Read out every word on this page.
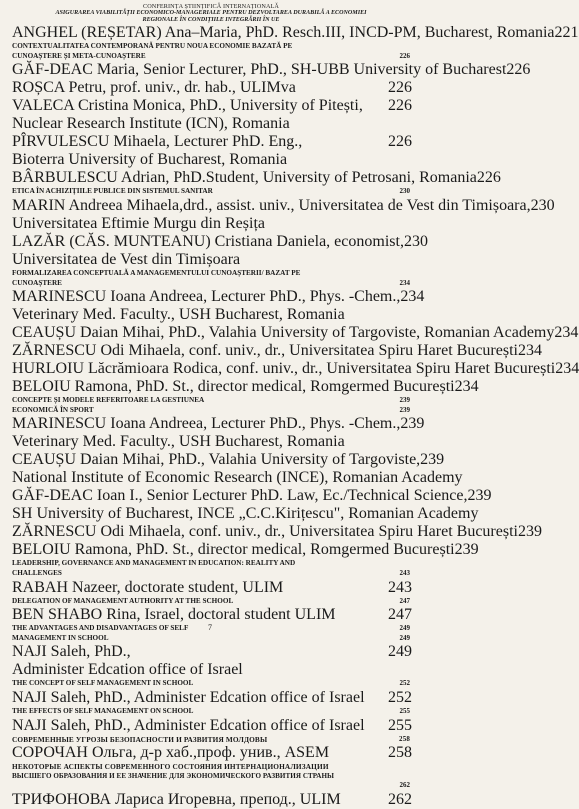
CONFERINȚA ȘTIINȚIFICĂ INTERNAȚIONALĂ
ASIGURAREA VIABILITĂȚII ECONOMICO-MANAGERIALE PENTRU DEZVOLTAREA DURABILĂ A ECONOMIEI
REGIONALE ÎN CONDIȚIILE INTEGRĂRII ÎN UE
ANGHEL (REȘETAR) Ana–Maria, PhD. Resch.III, INCD-PM, Bucharest, Romania 221
CONTEXTUALITATEA CONTEMPORANĂ PENTRU NOUA ECONOMIE BAZATĂ PE
CUNOAȘTERE ȘI META-CUNOAȘTERE	226
GĂF-DEAC Maria, Senior Lecturer, PhD., SH-UBB University of Bucharest 226
ROȘCA Petru, prof. univ., dr. hab., ULIMva	226
VALECA Cristina Monica, PhD., University of Pitești,	226
Nuclear Research Institute (ICN), Romania
PÎRVULESCU Mihaela, Lecturer PhD. Eng.,	226
Bioterra University of Bucharest, Romania
BÂRBULESCU Adrian, PhD.Student, University of Petrosani, Romania 226
ETICA ÎN ACHIZIȚIILE PUBLICE DIN SISTEMUL SANITAR	230
MARIN Andreea Mihaela,drd., assist. univ., Universitatea de Vest din Timișoara, 230
Universitatea Eftimie Murgu din Reșița
LAZĂR (CĂS. MUNTEANU) Cristiana Daniela, economist, 230
Universitatea de Vest din Timișoara
FORMALIZAREA CONCEPTUALĂ A MANAGEMENTULUI CUNOAȘTERII/ BAZAT PE
CUNOAȘTERE	234
MARINESCU Ioana Andreea, Lecturer PhD., Phys. -Chem., 234
Veterinary Med. Faculty., USH Bucharest, Romania
CEAUȘU Daian Mihai, PhD., Valahia University of Targoviste, Romanian Academy 234
ZĂRNESCU Odi Mihaela, conf. univ., dr., Universitatea Spiru Haret București 234
HURLOIU Lăcrămioara Rodica, conf. univ., dr., Universitatea Spiru Haret București 234
BELOIU Ramona, PhD. St., director medical, Romgermed București 234
CONCEPTE ȘI MODELE REFERITOARE LA GESTIUNEA	239
ECONOMICĂ ÎN SPORT	239
MARINESCU Ioana Andreea, Lecturer PhD., Phys. -Chem., 239
Veterinary Med. Faculty., USH Bucharest, Romania
CEAUȘU Daian Mihai, PhD., Valahia University of Targoviste, 239
National Institute of Economic Research (INCE), Romanian Academy
GĂF-DEAC Ioan I., Senior Lecturer PhD. Law, Ec./Technical Science, 239
SH University of Bucharest, INCE „C.C.Kirițescu", Romanian Academy
ZĂRNESCU Odi Mihaela, conf. univ., dr., Universitatea Spiru Haret București 239
BELOIU Ramona, PhD. St., director medical, Romgermed București 239
LEADERSHIP, GOVERNANCE AND MANAGEMENT IN EDUCATION: REALITY AND
CHALLENGES	243
RABAH Nazeer, doctorate student, ULIM	243
DELEGATION OF MANAGEMENT AUTHORITY AT THE SCHOOL	247
BEN SHABO Rina, Israel, doctoral student ULIM	247
THE ADVANTAGES AND DISADVANTAGES OF SELF	249
MANAGEMENT IN SCHOOL	249
NAJI Saleh, PhD.,	249
Administer Edcation office of Israel
THE CONCEPT OF SELF MANAGEMENT IN SCHOOL	252
NAJI Saleh, PhD., Administer Edcation office of Israel	252
THE EFFECTS OF SELF MANAGEMENT ON SCHOOL	255
NAJI Saleh, PhD., Administer Edcation office of Israel	255
СОВРЕМЕННЫЕ УГРОЗЫ БЕЗОПАСНОСТИ И РАЗВИТИЯ МОЛДОВЫ	258
СОРОЧАН Ольга, д-р хаб.,проф. унив., ASEM	258
НЕКОТОРЫЕ АСПЕКТЫ СОВРЕМЕННОГО СОСТОЯНИЯ ИНТЕРНАЦИОНАЛИЗАЦИИ
ВЫСШЕГО ОБРАЗОВАНИЯ И ЕЕ ЗНАЧЕНИЕ ДЛЯ ЭКОНОМИЧЕСКОГО РАЗВИТИЯ СТРАНЫ
262
ТРИФОНОВА Лариса Игоревна, препод., ULIM	262
7
